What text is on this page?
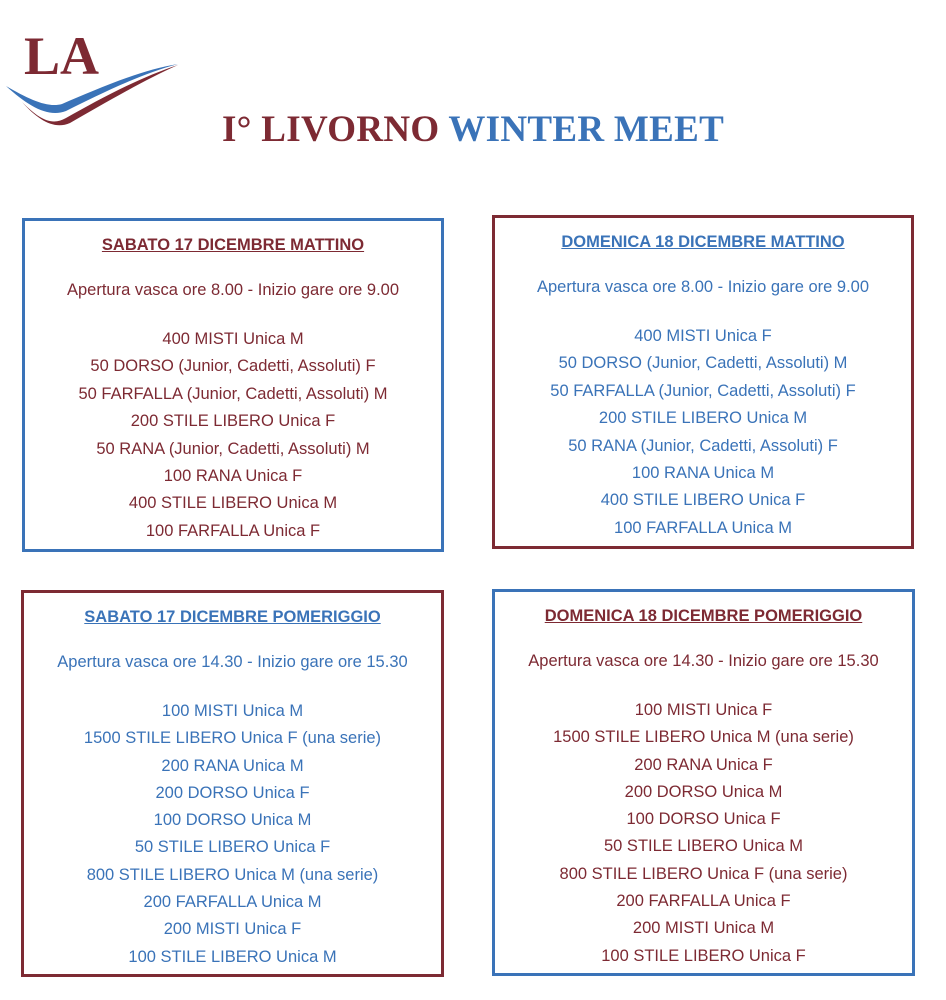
LA
I° LIVORNO WINTER MEET
SABATO 17 DICEMBRE MATTINO
Apertura vasca ore 8.00 - Inizio gare ore 9.00
400 MISTI Unica M
50 DORSO (Junior, Cadetti, Assoluti) F
50 FARFALLA (Junior, Cadetti, Assoluti) M
200 STILE LIBERO Unica F
50 RANA (Junior, Cadetti, Assoluti) M
100 RANA Unica F
400 STILE LIBERO Unica M
100 FARFALLA Unica F
DOMENICA 18 DICEMBRE MATTINO
Apertura vasca ore 8.00 - Inizio gare ore 9.00
400 MISTI Unica F
50 DORSO (Junior, Cadetti, Assoluti) M
50 FARFALLA (Junior, Cadetti, Assoluti) F
200 STILE LIBERO Unica M
50 RANA (Junior, Cadetti, Assoluti) F
100 RANA Unica M
400 STILE LIBERO Unica F
100 FARFALLA Unica M
SABATO 17 DICEMBRE POMERIGGIO
Apertura vasca ore 14.30 - Inizio gare ore 15.30
100 MISTI Unica M
1500 STILE LIBERO Unica F (una serie)
200 RANA Unica M
200 DORSO Unica F
100 DORSO Unica M
50 STILE LIBERO Unica F
800 STILE LIBERO Unica M (una serie)
200 FARFALLA Unica M
200 MISTI Unica F
100 STILE LIBERO Unica M
DOMENICA 18 DICEMBRE POMERIGGIO
Apertura vasca ore 14.30 - Inizio gare ore 15.30
100 MISTI Unica F
1500 STILE LIBERO Unica M (una serie)
200 RANA Unica F
200 DORSO Unica M
100 DORSO Unica F
50 STILE LIBERO Unica M
800 STILE LIBERO Unica F (una serie)
200 FARFALLA Unica F
200 MISTI Unica M
100 STILE LIBERO Unica F
